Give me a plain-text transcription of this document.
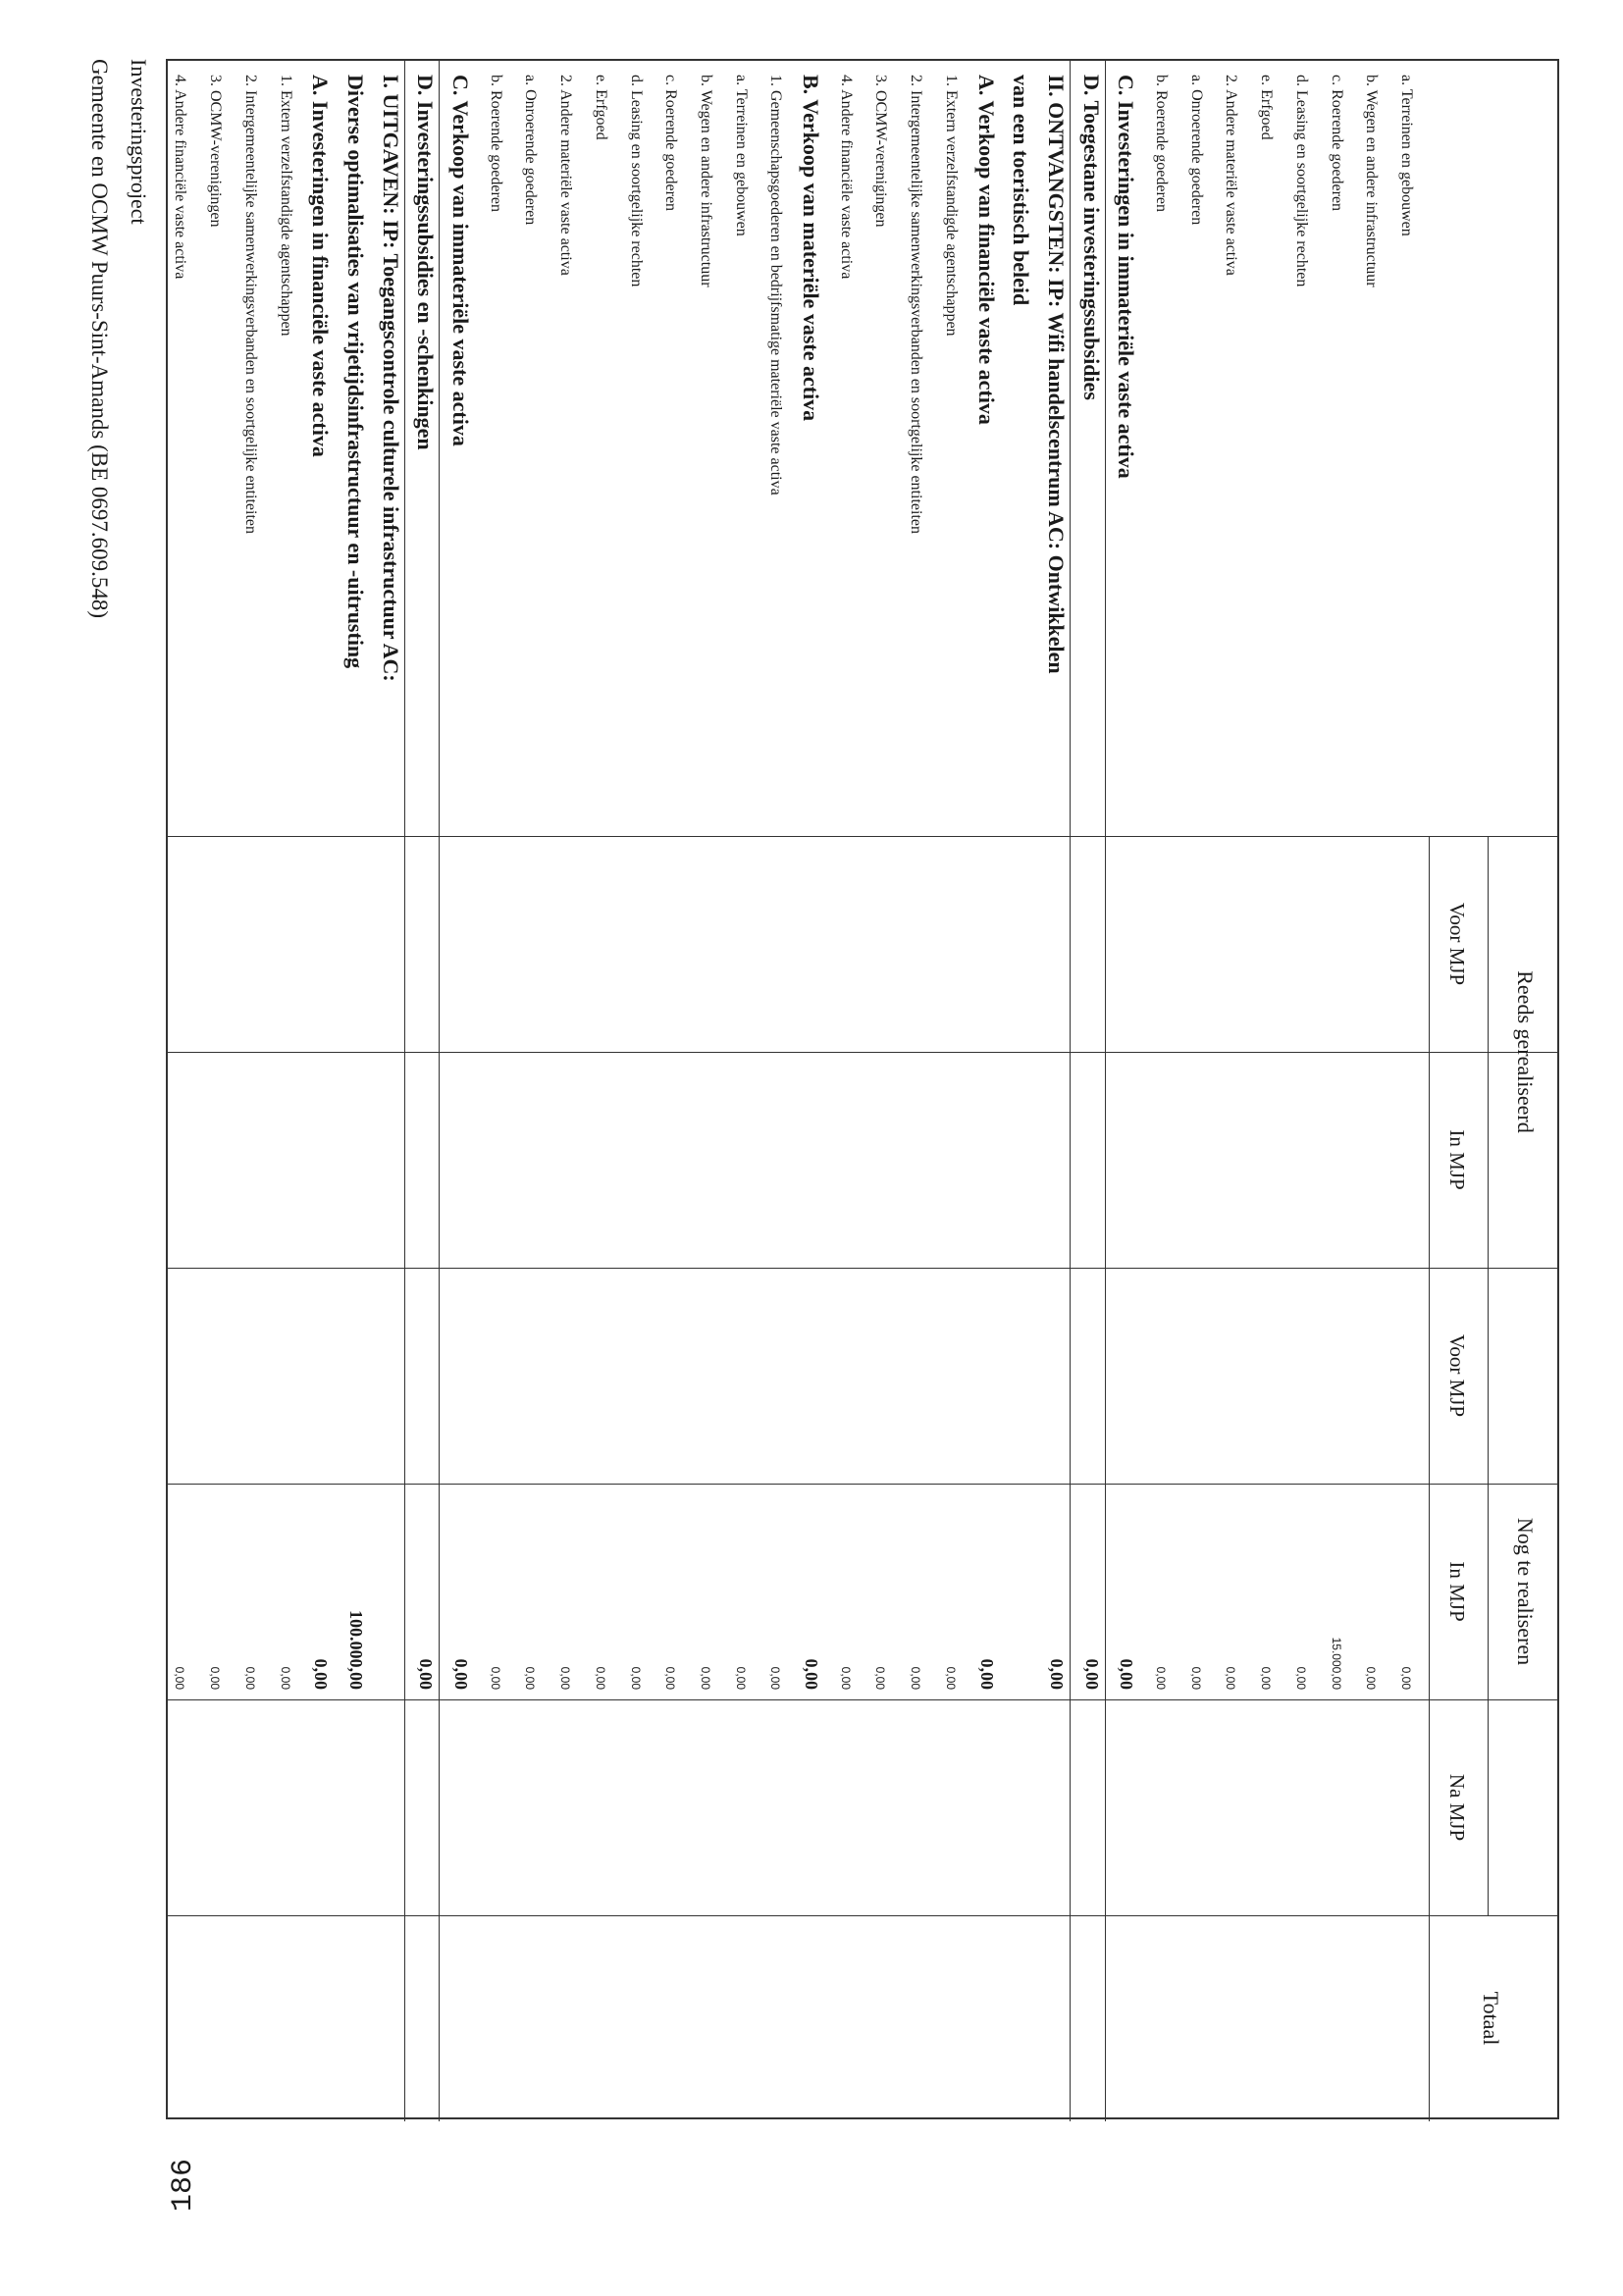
Reeds gerealiseerd
Nog te realiseren
Totaal
Voor MJP
In MJP
Voor MJP
In MJP
Na MJP
a. Terreinen en gebouwen
0,00
b. Wegen en andere infrastructuur
0,00
c. Roerende goederen
15.000,00
d. Leasing en soortgelijke rechten
0,00
e. Erfgoed
0,00
2. Andere materiële vaste activa
0,00
a. Onroerende goederen
0,00
b. Roerende goederen
0,00
C. Investeringen in immateriële vaste activa
0,00
D. Toegestane investeringssubsidies
0,00
II. ONTVANGSTEN: IP: Wifi handelscentrum AC: Ontwikkelen
0,00
van een toeristisch beleid
A. Verkoop van financiële vaste activa
0,00
1. Extern verzelfstandigde agentschappen
0,00
2. Intergemeentelijke samenwerkingsverbanden en soortgelijke entiteiten
0,00
3. OCMW-verenigingen
0,00
4. Andere financiële vaste activa
0,00
B. Verkoop van materiële vaste activa
0,00
1. Gemeenschapsgoederen en bedrijfsmatige materiële vaste activa
0,00
a. Terreinen en gebouwen
0,00
b. Wegen en andere infrastructuur
0,00
c. Roerende goederen
0,00
d. Leasing en soortgelijke rechten
0,00
e. Erfgoed
0,00
2. Andere materiële vaste activa
0,00
a. Onroerende goederen
0,00
b. Roerende goederen
0,00
C. Verkoop van immateriële vaste activa
0,00
D. Investeringssubsidies en -schenkingen
0,00
I. UITGAVEN: IP: Toegangscontrole culturele infrastructuur AC:
Diverse optimalisaties van vrijetijdsinfrastructuur en -uitrusting
100.000,00
A. Investeringen in financiële vaste activa
0,00
1. Extern verzelfstandigde agentschappen
0,00
2. Intergemeentelijke samenwerkingsverbanden en soortgelijke entiteiten
0,00
3. OCMW-verenigingen
0,00
4. Andere financiële vaste activa
0,00
Investeringsproject
Gemeente en OCMW Puurs-Sint-Amands (BE 0697.609.548)
186
